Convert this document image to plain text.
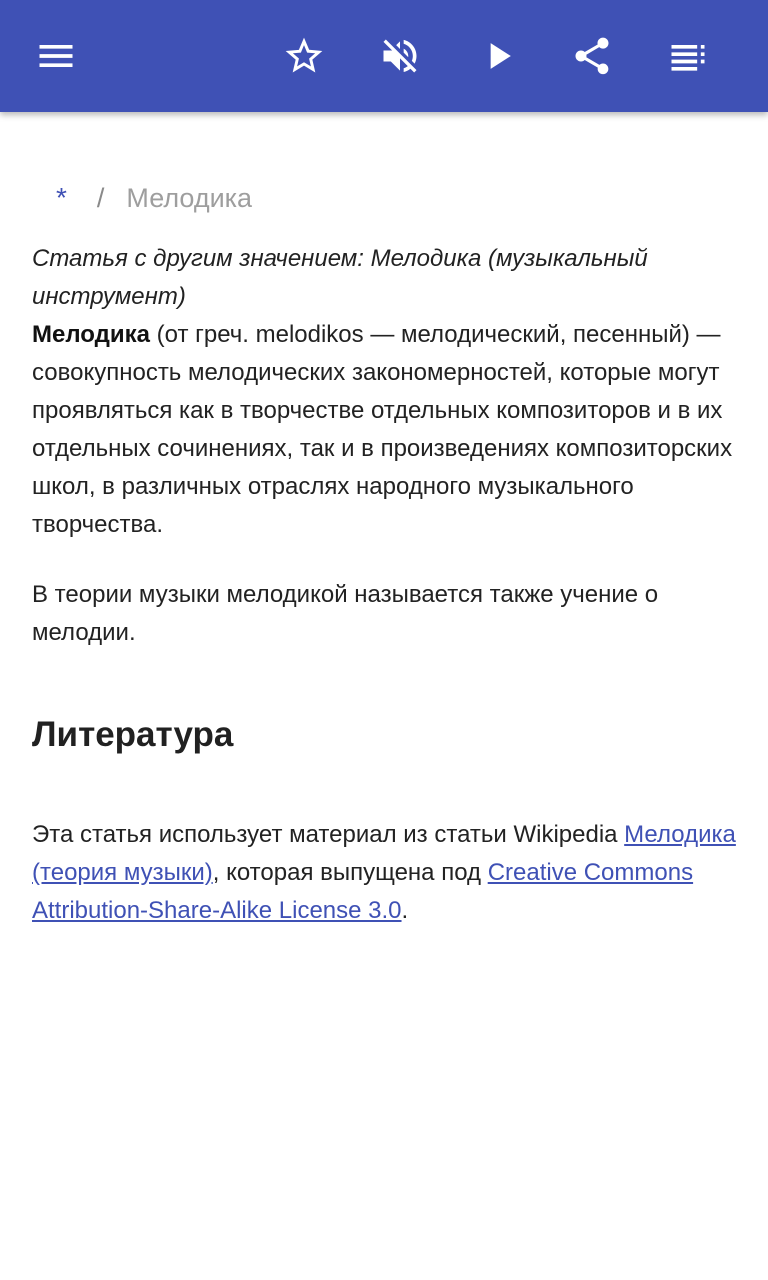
* / Мелодика

Статья с другим значением: Мелодика (музыкальный инструмент)

Мелодика (от греч. melodikos — мелодический, песенный) — совокупность мелодических закономерностей, которые могут проявляться как в творчестве отдельных композиторов и в их отдельных сочинениях, так и в произведениях композиторских школ, в различных отраслях народного музыкального творчества.

В теории музыки мелодикой называется также учение о мелодии.

Литература

Эта статья использует материал из статьи Wikipedia Мелодика (теория музыки), которая выпущена под Creative Commons Attribution-Share-Alike License 3.0.
